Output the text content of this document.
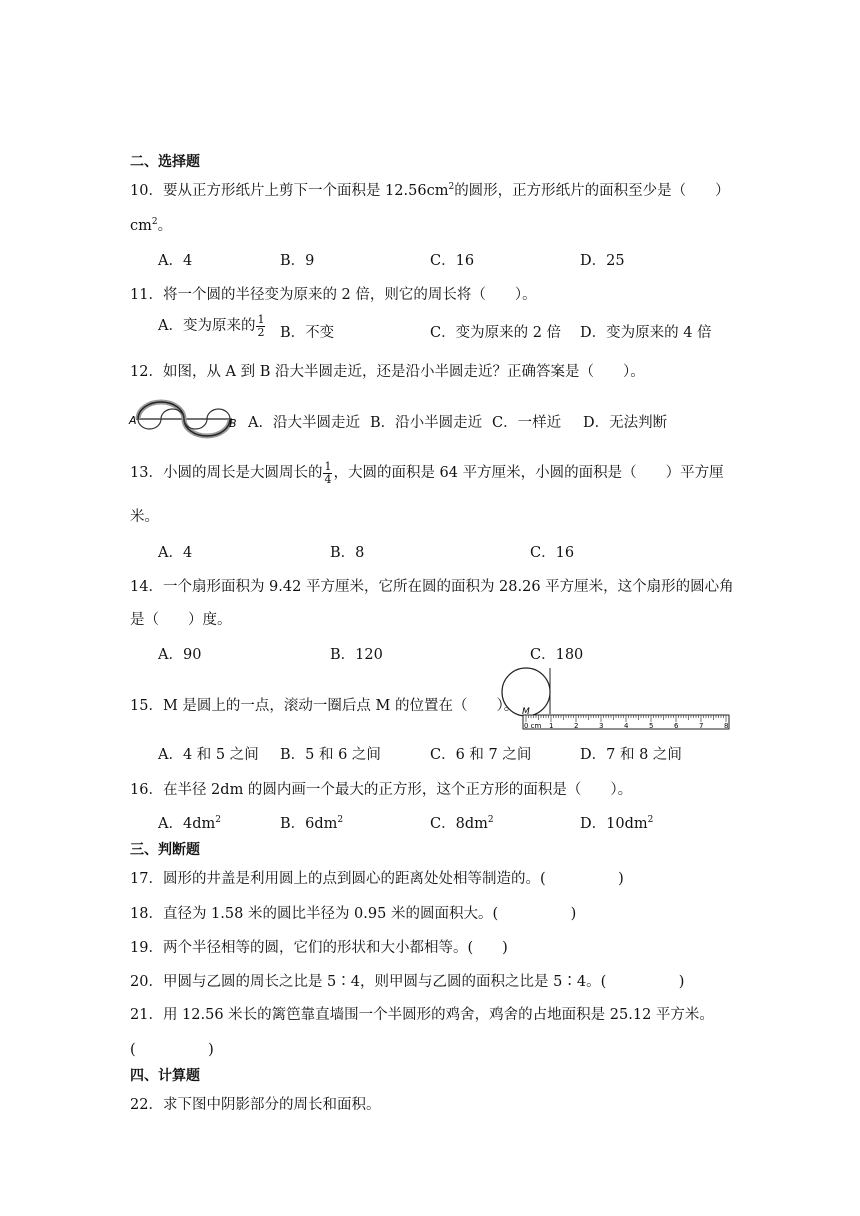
二、选择题
10．要从正方形纸片上剪下一个面积是 $12.56cm^2$的圆形，正方形纸片的面积至少是（　　）
$cm^2$。
A．4	B．9	C．16	D．25
11．将一个圆的半径变为原来的 2 倍，则它的周长将（　　）。
A．变为原来的 $\frac{1}{2}$ B．不变	C．变为原来的 2 倍 D．变为原来的 4 倍
12．如图，从 A 到 B 沿大半圆走近，还是沿小半圆走近？正确答案是（　　）。
A	B A．沿大半圆走近 B．沿小半圆走近 C．一样近 D．无法判断
13．小圆的周长是大圆周长的 $\frac{1}{4}$ ，大圆的面积是 64 平方厘米，小圆的面积是（　　）平方厘
米。
A．4	B．8	C．16
14．一个扇形面积为 9.42 平方厘米，它所在圆的面积为 28.26 平方厘米，这个扇形的圆心角
是（　　）度。
A．90	B．120	C．180
15．M 是圆上的一点，滚动一圈后点 M 的位置在（　　）。 M
0 cm 1	2	3	4	5	6	7	8
A．4 和 5 之间 B．5 和 6 之间	C．6 和 7 之间	D．7 和 8 之间
16．在半径 2dm 的圆内画一个最大的正方形，这个正方形的面积是（　　）。
A．$4dm^2$	B．$6dm^2$	C．$8dm^2$	D．$10dm^2$
三、判断题
17．圆形的井盖是利用圆上的点到圆心的距离处处相等制造的。(　　　　　)
18．直径为 1.58 米的圆比半径为 0.95 米的圆面积大。(　　　　　)
19．两个半径相等的圆，它们的形状和大小都相等。(　　)
20．甲圆与乙圆的周长之比是 5∶4，则甲圆与乙圆的面积之比是 5∶4。(　　　　　)
21．用 12.56 米长的篱笆靠直墙围一个半圆形的鸡舍，鸡舍的占地面积是 25.12 平方米。
(　　　　　)
四、计算题
22．求下图中阴影部分的周长和面积。
